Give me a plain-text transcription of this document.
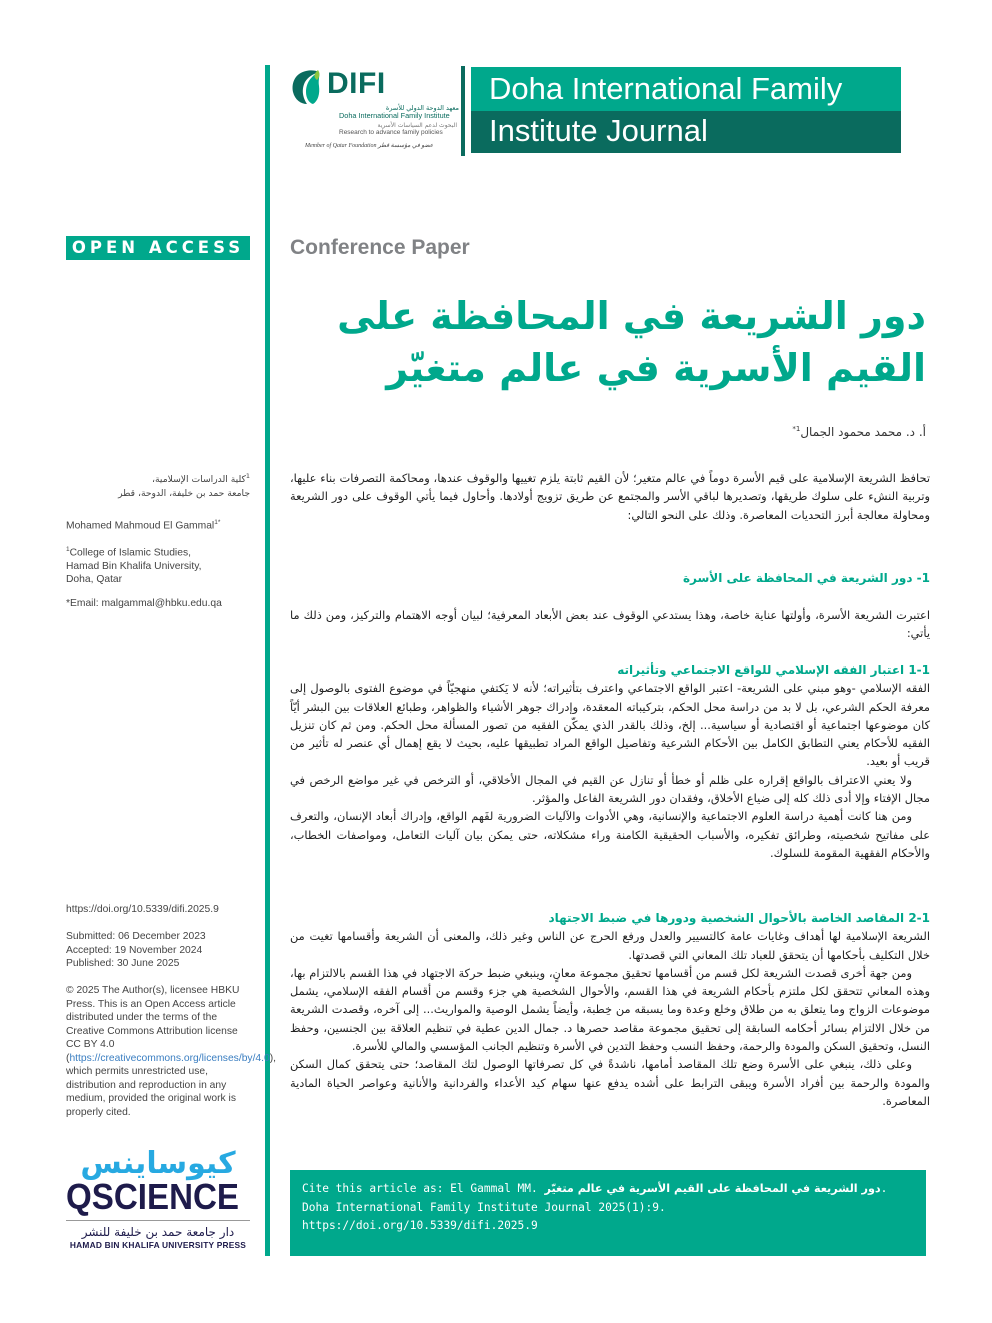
DIFI
معهد الدوحة الدولي للأسرة
Doha International Family Institute
البحوث لدعم السياسات الأسرية
Research to advance family policies
Member of Qatar Foundation عضو في مؤسسة قطر
Doha International Family
Institute Journal
OPEN ACCESS Conference Paper
دور الشريعة في المحافظة على القيم الأسرية في عالم متغيّر
أ. د. محمد محمود الجمال$^{1*}$
$^1$كلية الدراسات الإسلامية،
جامعة حمد بن خليفة، الدوحة، قطر
Mohamed Mahmoud El Gammal$^{1*}$
$^1$College of Islamic Studies,
Hamad Bin Khalifa University,
Doha, Qatar
*Email: malgammal@hbku.edu.qa
https://doi.org/10.5339/difi.2025.9
Submitted: 06 December 2023
Accepted: 19 November 2024
Published: 30 June 2025
© 2025 The Author(s), licensee HBKU Press. This is an Open Access article distributed under the terms of the Creative Commons Attribution license CC BY 4.0 (https://creativecommons.org/licenses/by/4.0), which permits unrestricted use, distribution and reproduction in any medium, provided the original work is properly cited.
كيوساينس
QSCIENCE
دار جامعة حمد بن خليفة للنشر
HAMAD BIN KHALIFA UNIVERSITY PRESS

تحافظ الشريعة الإسلامية على قيم الأسرة دوماً في عالم متغير؛ لأن القيم ثابتة يلزم تغييها والوقوف عندها، ومحاكمة التصرفات بناء عليها، وتربية النشء على سلوك طريقها، وتصديرها لباقي الأسر والمجتمع عن طريق تزويج أولادها. وأحاول فيما يأتي الوقوف على دور الشريعة ومحاولة معالجة أبرز التحديات المعاصرة. وذلك على النحو التالي:

1- دور الشريعة في المحافظة على الأسرة

اعتبرت الشريعة الأسرة، وأولتها عناية خاصة، وهذا يستدعي الوقوف عند بعض الأبعاد المعرفية؛ لبيان أوجه الاهتمام والتركيز، ومن ذلك ما يأتي:

1-1 اعتبار الفقه الإسلامي للواقع الاجتماعي وتأثيراته

الفقه الإسلامي -وهو مبني على الشريعة- اعتبر الواقع الاجتماعي واعترف بتأثيراته؛ لأنه لا يَكتفي منهجيّاً في موضوع الفتوى بالوصول إلى معرفة الحكم الشرعي، بل لا بد من دراسة محل الحكم، بتركيباته المعقدة، وإدراك جوهر الأشياء والظواهر، وطبائع العلاقات بين البشر أيّاً كان موضوعها اجتماعية أو اقتصادية أو سياسية... إلخ، وذلك بالقدر الذي يمكّن الفقيه من تصور المسألة محل الحكم. ومن ثم كان تنزيل الفقيه للأحكام يعني التطابق الكامل بين الأحكام الشرعية وتفاصيل الواقع المراد تطبيقها عليه، بحيث لا يقع إهمال أي عنصر له تأثير من قريب أو بعيد.

ولا يعني الاعتراف بالواقع إقراره على ظلم أو خطأ أو تنازل عن القيم في المجال الأخلاقي، أو الترخص في غير مواضع الرخص في مجال الإفتاء وإلا أدى ذلك كله إلى ضياع الأخلاق، وفقدان دور الشريعة الفاعل والمؤثر.

ومن هنا كانت أهمية دراسة العلوم الاجتماعية والإنسانية، وهي الأدوات والآليات الضرورية لفَهم الواقع، وإدراك أبعاد الإنسان، والتعرف على مفاتيح شخصيته، وطرائق تفكيره، والأسباب الحقيقية الكامنة وراء مشكلاته، حتى يمكن بيان آليات التعامل، ومواصفات الخطاب، والأحكام الفقهية المقومة للسلوك.

2-1 المقاصد الخاصة بالأحوال الشخصية ودورها في ضبط الاجتهاد

الشريعة الإسلامية لها أهداف وغايات عامة كالتسيير والعدل ورفع الحرج عن الناس وغير ذلك، والمعنى أن الشريعة وأقسامها تغيت من خلال التكليف بأحكامها أن يتحقق للعباد تلك المعاني التي قصدتها.

ومن جهة أخرى قصدت الشريعة لكل قسم من أقسامها تحقيق مجموعة معانٍ، وينبغي ضبط حركة الاجتهاد في هذا القسم بالالتزام بها، وهذه المعاني تتحقق لكل ملتزم بأحكام الشريعة في هذا القسم، والأحوال الشخصية هي جزء وقسم من أقسام الفقه الإسلامي، يشمل موضوعات الزواج وما يتعلق به من طلاق وخلع وعدة وما يسبقه من خِطبة، وأيضاً يشمل الوصية والمواريث... إلى آخره، وقصدت الشريعة من خلال الالتزام بسائر أحكامه السابقة إلى تحقيق مجموعة مقاصد حصرها د. جمال الدين عطية في تنظيم العلاقة بين الجنسين، وحفظ النسل، وتحقيق السكن والمودة والرحمة، وحفظ النسب وحفظ التدين في الأسرة وتنظيم الجانب المؤسسي والمالي للأسرة.

وعلى ذلك، ينبغي على الأسرة وضع تلك المقاصد أمامها، ناشدةً في كل تصرفاتها الوصول لتك المقاصد؛ حتى يتحقق كمال السكن والمودة والرحمة بين أفراد الأسرة ويبقى الترابط على أشده يدفع عنها سهام كيد الأعداء والفردانية والأنانية وعواصر الحياة المادية المعاصرة.

Cite this article as: El Gammal MM. دور الشريعة في المحافظة على القيم الأسرية في عالم متغيّر. Doha International Family Institute Journal 2025(1):9.
https://doi.org/10.5339/difi.2025.9
